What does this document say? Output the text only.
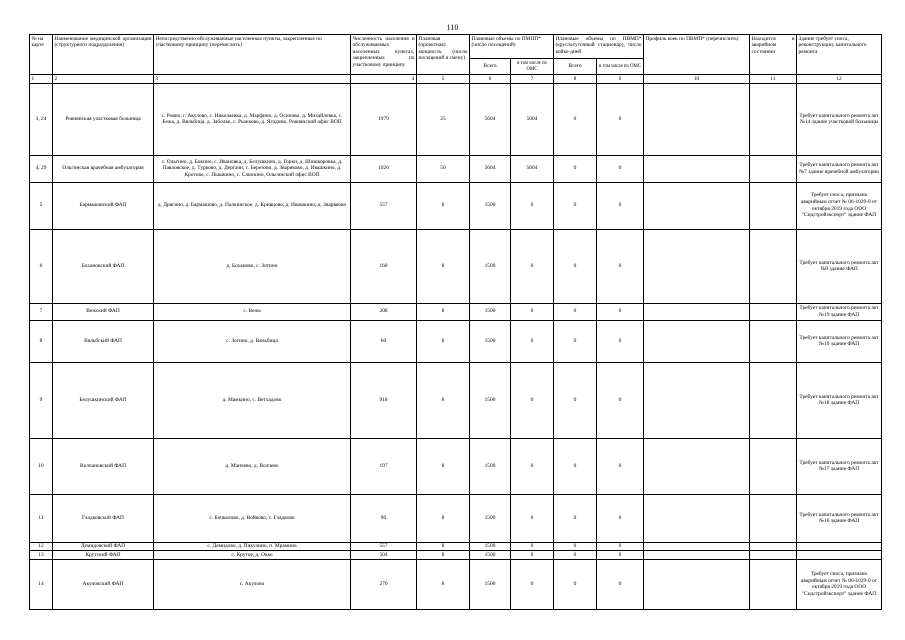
110
№ на карте	Наименование медицинской организации (структурного подразделения)	Непосредственно обслуживаемые населенные пункты, закрепленные по участковому принципу (перечислить)	Численность населения в обслуживаемых населенных пунктах, закрепленных по участковому принципу	Плановая (проектная) мощность (число посещений в смену)	Плановые объемы по ПМПП* (число посещений)		Плановые объемы по ПВМП* (круглосуточный стационар), число койко-дней		Профиль коек по ПВМП* (перечислить)	Находится в аварийном состоянии	Здание требует сноса, реконструкции, капитального ремонта
					Всего	в том числе по ОМС	Всего	в том числе по ОМС			
1	2	3	4	5	6	7	8	9	10	11	12
3, 24	Ровнянская участковая больница	с. Ровно, г. Акулово, с. Николаевка, д. Марфино, д. Осипово, д. Михайловка, с. Бежа, д. Вяльбица, д. Заболье, с. Рыжково, д. Ягодино, Ровнянский офис ВОП	1979	25	5604	5604	0	0			Требует капитального ремонта акт №14 здание участковой больницы
4, 29	Ольгинская врачебная амбулатория	с. Ольгино, д. Бокино, с. Ивановка, д. Белушкино, д. Горки, д. Шишкоровка, д. Павловское, д. Турково, д. Дергачи, с. Березово, д. Зваряково, д. Ивашкино, д. Кротово, с. Пышкино, с. Слюнино, Ольгинский офис ВОП	1926	50	5604	5604	0	0			Требует капитального ремонта акт №7 здание врачебной амбулатории
5	Бармашовский ФАП	д. Дрягино, д. Бармашово, д. Палкинское, д. Кривцово, д. Ивашкино, д. Зваряково	557	8	1500	0	0	0			Требует сноса, признано аварийным отчет № 06-1029-0 от октября 2019 года ООО "Сидстройэкспорт" здание ФАП
6	Бохановский ФАП	д. Боханово, с. Зотино	168	8	1500	0	0	0			Требует капитального ремонта акт №9 здание ФАП
7	Вежский ФАП	с. Вежа	208	8	1500	0	0	0			Требует капитального ремонта акт №19 здание ФАП
8	Вяльбский ФАП	с. Зотино, д. Вяльбица	60	8	1500	0	0	0			Требует капитального ремонта акт №10 здание ФАП
9	Белушкинский ФАП	д. Мамкино, с. Ветхадово	918	8	1500	0	0	0			Требует капитального ремонта акт №18 здание ФАП
10	Волчановский ФАП	д. Манчево, д. Волчево	197	8	1500	0	0	0			Требует капитального ремонта акт №17 здание ФАП
11	Гладковский ФАП	с. Бочкалово, д. Войково, с. Гладково	90	8	1500	0	0	0			Требует капитального ремонта акт №16 здание ФАП
12	Демидовский ФАП	с. Демидово, д. Пикулино, п. Мрамино	557	8	1500	0	0	0			
13	Крутский ФАП	с. Крутое, д. Окко	504	8	1500	0	0	0			
14	Акуловский ФАП	с. Акулово	270	8	1500	0	0	0			Требует сноса, признано аварийным отчет № 06-1029-0 от октября 2019 года ООО "Сидстройэкспорт" здание ФАП
